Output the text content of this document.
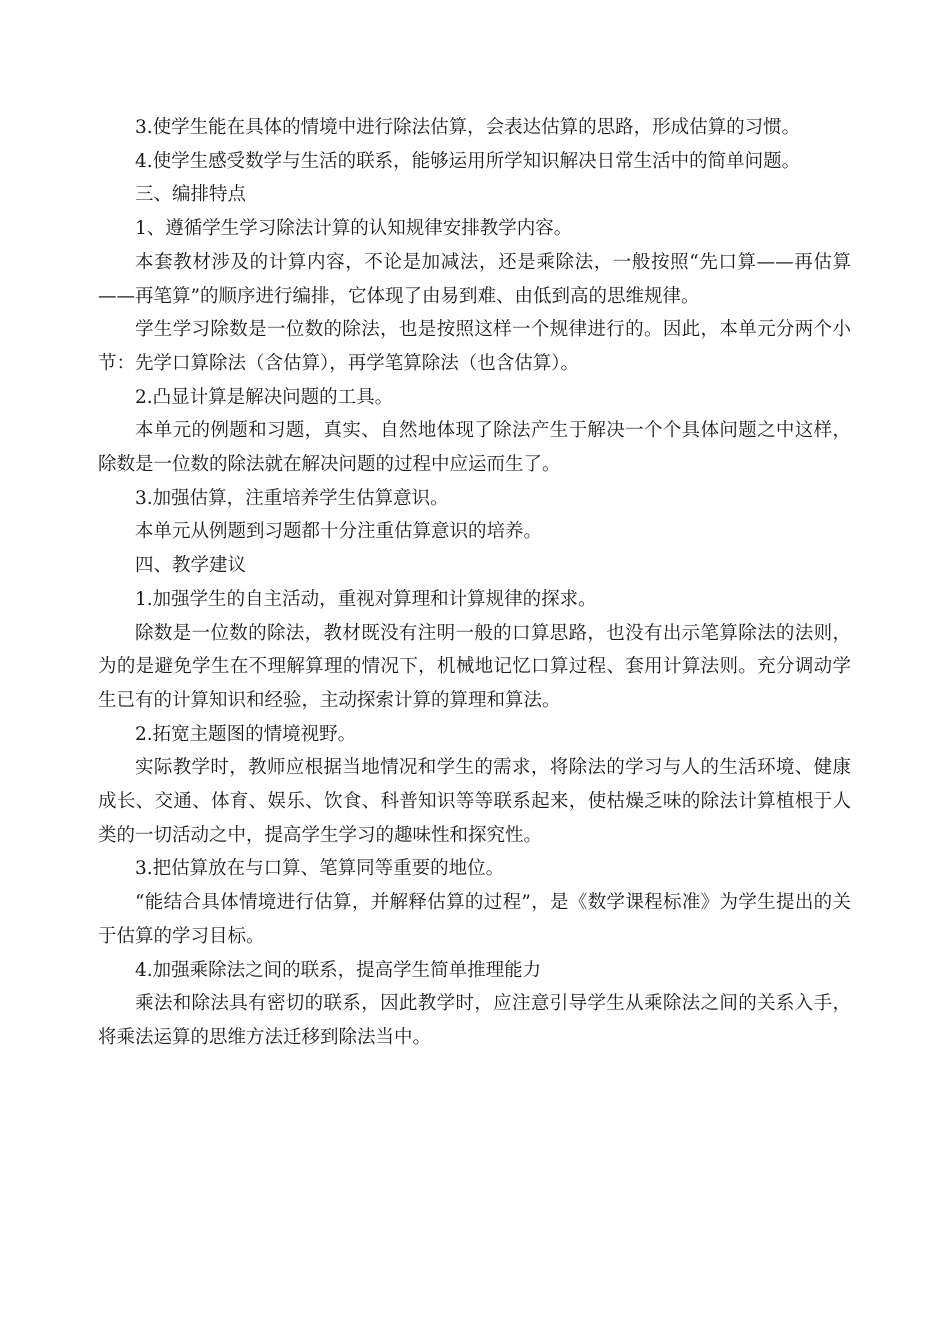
3.使学生能在具体的情境中进行除法估算，会表达估算的思路，形成估算的习惯。

4.使学生感受数学与生活的联系，能够运用所学知识解决日常生活中的简单问题。

三、编排特点

1、遵循学生学习除法计算的认知规律安排教学内容。

本套教材涉及的计算内容，不论是加减法，还是乘除法，一般按照“先口算——再估算——再笔算”的顺序进行编排，它体现了由易到难、由低到高的思维规律。

学生学习除数是一位数的除法，也是按照这样一个规律进行的。因此，本单元分两个小节：先学口算除法（含估算），再学笔算除法（也含估算）。

2.凸显计算是解决问题的工具。

本单元的例题和习题，真实、自然地体现了除法产生于解决一个个具体问题之中这样，除数是一位数的除法就在解决问题的过程中应运而生了。

3.加强估算，注重培养学生估算意识。

本单元从例题到习题都十分注重估算意识的培养。

四、教学建议

1.加强学生的自主活动，重视对算理和计算规律的探求。

除数是一位数的除法，教材既没有注明一般的口算思路，也没有出示笔算除法的法则，为的是避免学生在不理解算理的情况下，机械地记忆口算过程、套用计算法则。充分调动学生已有的计算知识和经验，主动探索计算的算理和算法。

2.拓宽主题图的情境视野。

实际教学时，教师应根据当地情况和学生的需求，将除法的学习与人的生活环境、健康成长、交通、体育、娱乐、饮食、科普知识等等联系起来，使枯燥乏味的除法计算植根于人类的一切活动之中，提高学生学习的趣味性和探究性。

3.把估算放在与口算、笔算同等重要的地位。

“能结合具体情境进行估算，并解释估算的过程”，是《数学课程标准》为学生提出的关于估算的学习目标。

4.加强乘除法之间的联系，提高学生简单推理能力

乘法和除法具有密切的联系，因此教学时，应注意引导学生从乘除法之间的关系入手，将乘法运算的思维方法迁移到除法当中。
